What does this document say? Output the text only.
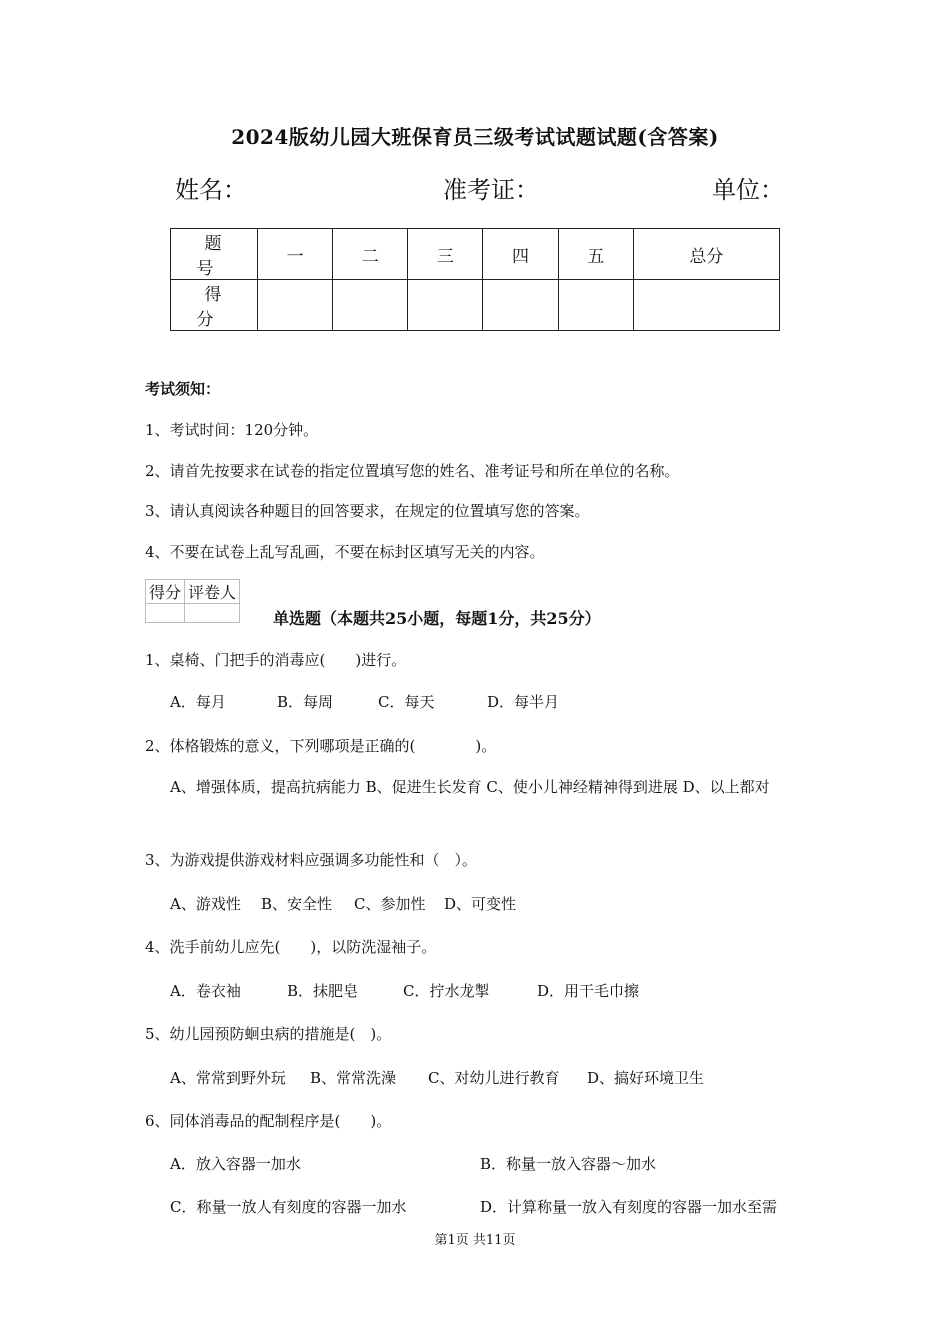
2024版幼儿园大班保育员三级考试试题试题(含答案)
姓名：	准考证：	单位：
题　号	一	二	三	四	五	总分
得　分						
考试须知：
1、考试时间：120分钟。
2、请首先按要求在试卷的指定位置填写您的姓名、准考证号和所在单位的名称。
3、请认真阅读各种题目的回答要求，在规定的位置填写您的答案。
4、不要在试卷上乱写乱画，不要在标封区填写无关的内容。
得分	评卷人

单选题（本题共25小题，每题1分，共25分）
1、桌椅、门把手的消毒应(　　)进行。
A．每月	B．每周	C．每天	D．每半月
2、体格锻炼的意义，下列哪项是正确的(　　　　)。
A、增强体质，提高抗病能力 B、促进生长发育 C、使小儿神经精神得到进展 D、以上都对
3、为游戏提供游戏材料应强调多功能性和（　）。
A、游戏性 B、安全性 C、参加性 D、可变性
4、洗手前幼儿应先(　　)，以防洗湿袖子。
A．卷衣袖	B．抹肥皂	C．拧水龙掣	D．用干毛巾擦
5、幼儿园预防蛔虫病的措施是(　)。
A、常常到野外玩 B、常常洗澡 C、对幼儿进行教育 D、搞好环境卫生
6、同体消毒品的配制程序是(　　)。
A．放入容器一加水	B．称量一放入容器～加水
C．称量一放人有刻度的容器一加水	D．计算称量一放入有刻度的容器一加水至需
第1页 共11页
